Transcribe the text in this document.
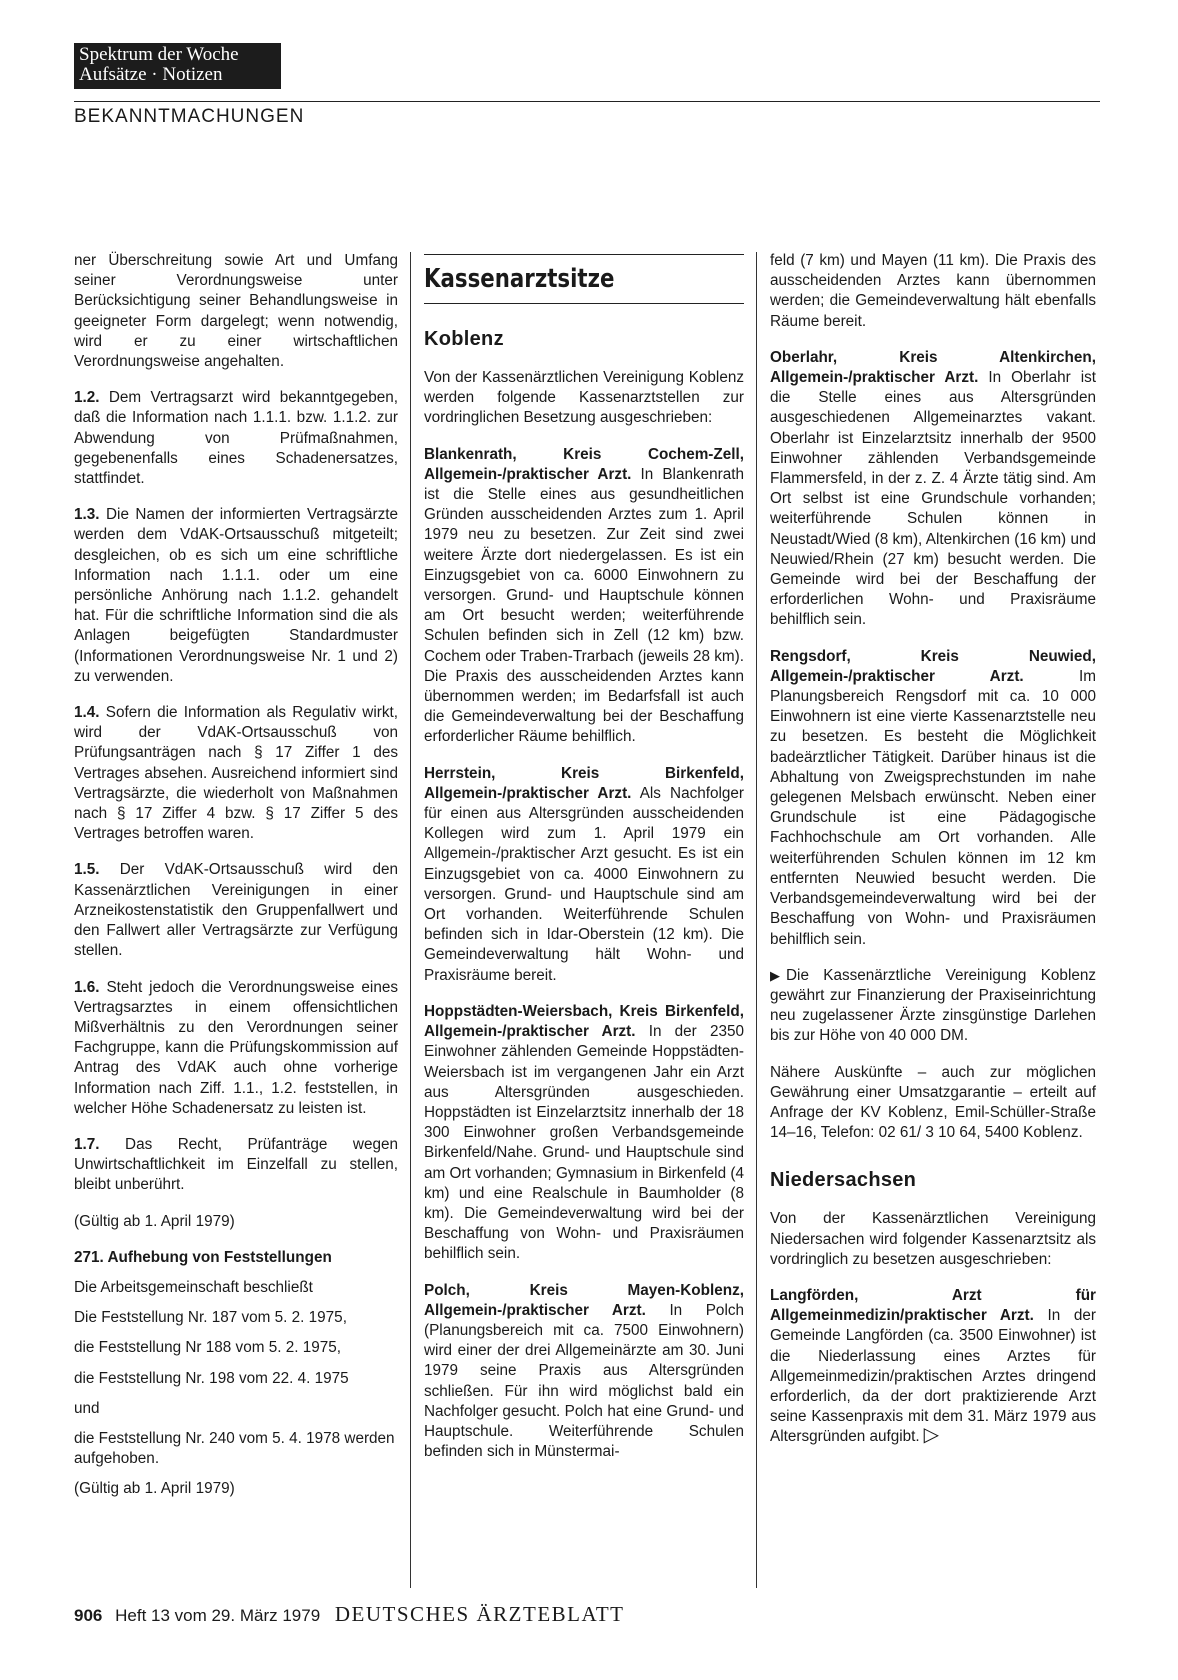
Spektrum der Woche
Aufsätze · Notizen
BEKANNTMACHUNGEN

ner Überschreitung sowie Art und Umfang seiner Verordnungsweise unter Berücksichtigung seiner Behandlungsweise in geeigneter Form dargelegt; wenn notwendig, wird er zu einer wirtschaftlichen Verordnungsweise angehalten.

1.2. Dem Vertragsarzt wird bekanntgegeben, daß die Information nach 1.1.1. bzw. 1.1.2. zur Abwendung von Prüfmaßnahmen, gegebenenfalls eines Schadenersatzes, stattfindet.

1.3. Die Namen der informierten Vertragsärzte werden dem VdAK-Ortsausschuß mitgeteilt; desgleichen, ob es sich um eine schriftliche Information nach 1.1.1. oder um eine persönliche Anhörung nach 1.1.2. gehandelt hat. Für die schriftliche Information sind die als Anlagen beigefügten Standardmuster (Informationen Verordnungsweise Nr. 1 und 2) zu verwenden.

1.4. Sofern die Information als Regulativ wirkt, wird der VdAK-Ortsausschuß von Prüfungsanträgen nach § 17 Ziffer 1 des Vertrages absehen. Ausreichend informiert sind Vertragsärzte, die wiederholt von Maßnahmen nach § 17 Ziffer 4 bzw. § 17 Ziffer 5 des Vertrages betroffen waren.

1.5. Der VdAK-Ortsausschuß wird den Kassenärztlichen Vereinigungen in einer Arzneikostenstatistik den Gruppenfallwert und den Fallwert aller Vertragsärzte zur Verfügung stellen.

1.6. Steht jedoch die Verordnungsweise eines Vertragsarztes in einem offensichtlichen Mißverhältnis zu den Verordnungen seiner Fachgruppe, kann die Prüfungskommission auf Antrag des VdAK auch ohne vorherige Information nach Ziff. 1.1., 1.2. feststellen, in welcher Höhe Schadenersatz zu leisten ist.

1.7. Das Recht, Prüfanträge wegen Unwirtschaftlichkeit im Einzelfall zu stellen, bleibt unberührt.

(Gültig ab 1. April 1979)

271. Aufhebung von Feststellungen

Die Arbeitsgemeinschaft beschließt
Die Feststellung Nr. 187 vom 5. 2. 1975,
die Feststellung Nr 188 vom 5. 2. 1975,
die Feststellung Nr. 198 vom 22. 4. 1975
und
die Feststellung Nr. 240 vom 5. 4. 1978 werden aufgehoben.
(Gültig ab 1. April 1979)
Kassenarztsitze
Koblenz

Von der Kassenärztlichen Vereinigung Koblenz werden folgende Kassenarztstellen zur vordringlichen Besetzung ausgeschrieben:

Blankenrath, Kreis Cochem-Zell, Allgemein-/praktischer Arzt. In Blankenrath ist die Stelle eines aus gesundheitlichen Gründen ausscheidenden Arztes zum 1. April 1979 neu zu besetzen. Zur Zeit sind zwei weitere Ärzte dort niedergelassen. Es ist ein Einzugsgebiet von ca. 6000 Einwohnern zu versorgen. Grund- und Hauptschule können am Ort besucht werden; weiterführende Schulen befinden sich in Zell (12 km) bzw. Cochem oder Traben-Trarbach (jeweils 28 km). Die Praxis des ausscheidenden Arztes kann übernommen werden; im Bedarfsfall ist auch die Gemeindeverwaltung bei der Beschaffung erforderlicher Räume behilflich.

Herrstein, Kreis Birkenfeld, Allgemein-/praktischer Arzt. Als Nachfolger für einen aus Altersgründen ausscheidenden Kollegen wird zum 1. April 1979 ein Allgemein-/praktischer Arzt gesucht. Es ist ein Einzugsgebiet von ca. 4000 Einwohnern zu versorgen. Grund- und Hauptschule sind am Ort vorhanden. Weiterführende Schulen befinden sich in Idar-Oberstein (12 km). Die Gemeindeverwaltung hält Wohn- und Praxisräume bereit.

Hoppstädten-Weiersbach, Kreis Birkenfeld, Allgemein-/praktischer Arzt. In der 2350 Einwohner zählenden Gemeinde Hoppstädten-Weiersbach ist im vergangenen Jahr ein Arzt aus Altersgründen ausgeschieden. Hoppstädten ist Einzelarztsitz innerhalb der 18 300 Einwohner großen Verbandsgemeinde Birkenfeld/Nahe. Grund- und Hauptschule sind am Ort vorhanden; Gymnasium in Birkenfeld (4 km) und eine Realschule in Baumholder (8 km). Die Gemeindeverwaltung wird bei der Beschaffung von Wohn- und Praxisräumen behilflich sein.

Polch, Kreis Mayen-Koblenz, Allgemein-/praktischer Arzt. In Polch (Planungsbereich mit ca. 7500 Einwohnern) wird einer der drei Allgemeinärzte am 30. Juni 1979 seine Praxis aus Altersgründen schließen. Für ihn wird möglichst bald ein Nachfolger gesucht. Polch hat eine Grund- und Hauptschule. Weiterführende Schulen befinden sich in Münstermai-

feld (7 km) und Mayen (11 km). Die Praxis des ausscheidenden Arztes kann übernommen werden; die Gemeindeverwaltung hält ebenfalls Räume bereit.

Oberlahr, Kreis Altenkirchen, Allgemein-/praktischer Arzt. In Oberlahr ist die Stelle eines aus Altersgründen ausgeschiedenen Allgemeinarztes vakant. Oberlahr ist Einzelarztsitz innerhalb der 9500 Einwohner zählenden Verbandsgemeinde Flammersfeld, in der z. Z. 4 Ärzte tätig sind. Am Ort selbst ist eine Grundschule vorhanden; weiterführende Schulen können in Neustadt/Wied (8 km), Altenkirchen (16 km) und Neuwied/Rhein (27 km) besucht werden. Die Gemeinde wird bei der Beschaffung der erforderlichen Wohn- und Praxisräume behilflich sein.

Rengsdorf, Kreis Neuwied, Allgemein-/praktischer Arzt.	Im Planungsbereich Rengsdorf mit ca. 10 000 Einwohnern ist eine vierte Kassenarztstelle neu zu besetzen. Es besteht die Möglichkeit badeärztlicher Tätigkeit. Darüber hinaus ist die Abhaltung von Zweigsprechstunden im nahe gelegenen Melsbach erwünscht. Neben einer Grundschule ist eine Pädagogische Fachhochschule am Ort vorhanden. Alle weiterführenden Schulen können im 12 km entfernten Neuwied besucht werden. Die Verbandsgemeindeverwaltung wird bei der Beschaffung von Wohn- und Praxisräumen behilflich sein.

▶ Die Kassenärztliche Vereinigung Koblenz gewährt zur Finanzierung der Praxiseinrichtung neu zugelassener Ärzte zinsgünstige Darlehen bis zur Höhe von 40 000 DM.

Nähere Auskünfte – auch zur möglichen Gewährung einer Umsatzgarantie – erteilt auf Anfrage der KV Koblenz, Emil-Schüller-Straße 14–16, Telefon: 02 61/ 3 10 64, 5400 Koblenz.

Niedersachsen

Von der Kassenärztlichen Vereinigung Niedersachen wird folgender Kassenarztsitz als vordringlich zu besetzen ausgeschrieben:

Langförden, Arzt für Allgemeinmedizin/praktischer Arzt. In der Gemeinde Langförden (ca. 3500 Einwohner) ist die Niederlassung eines Arztes für Allgemeinmedizin/praktischen Arztes dringend erforderlich, da der dort praktizierende Arzt seine Kassenpraxis mit dem 31. März 1979 aus Altersgründen aufgibt. ▷

906 Heft 13 vom 29. März 1979 DEUTSCHES ÄRZTEBLATT
